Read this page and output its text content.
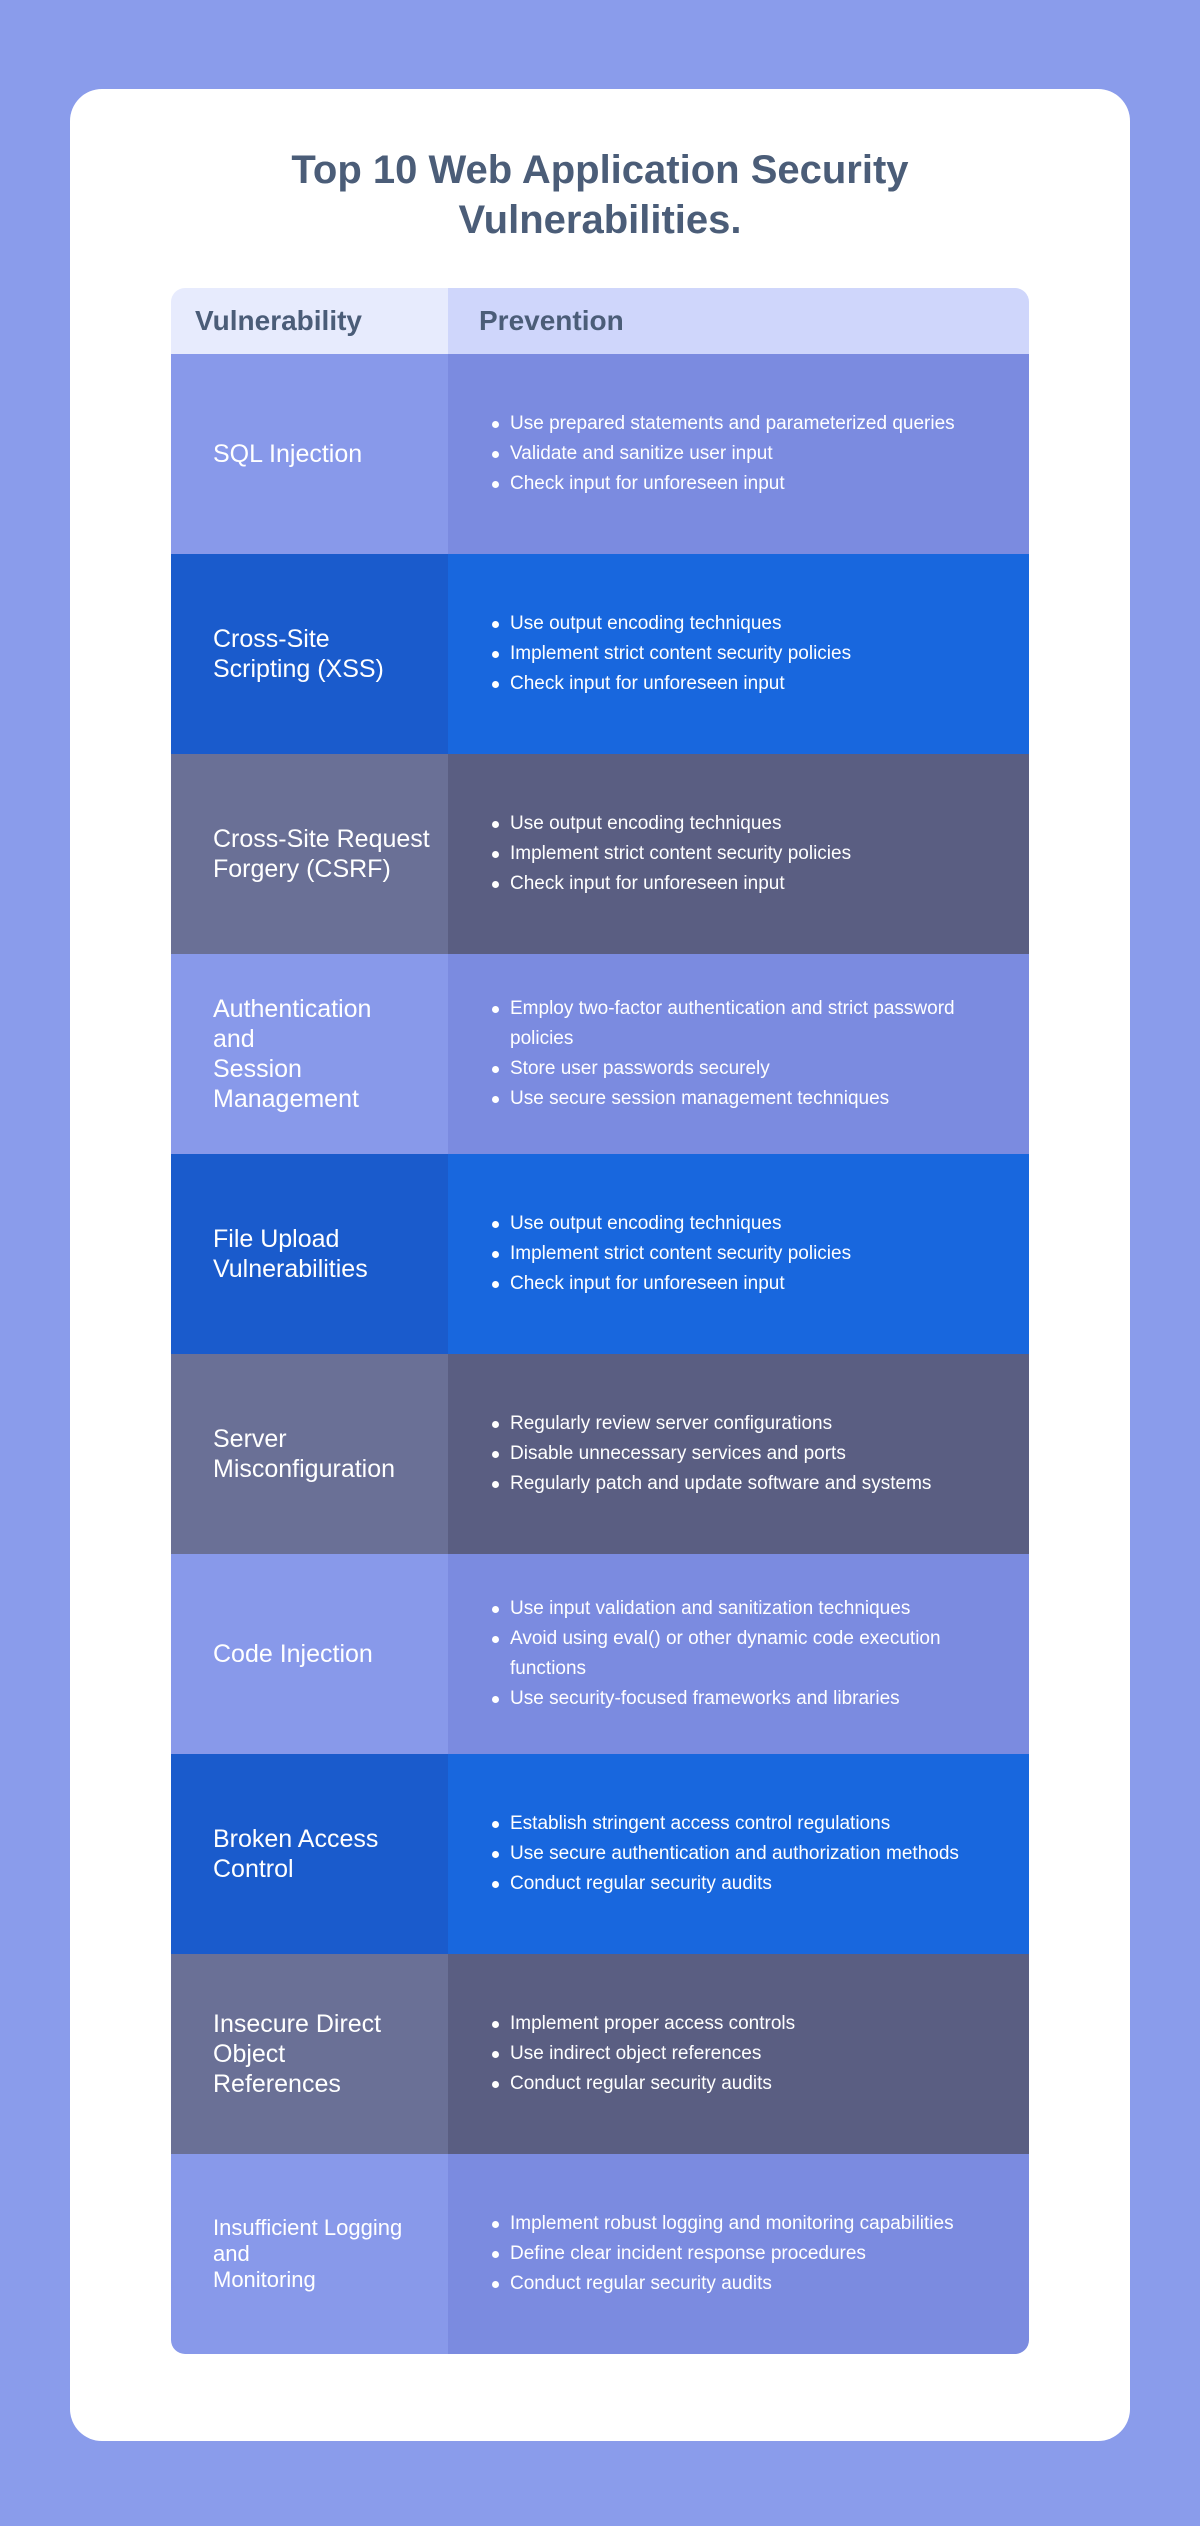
Top 10 Web Application Security
Vulnerabilities.
Vulnerability	Prevention
SQL Injection
Use prepared statements and parameterized queries
Validate and sanitize user input
Check input for unforeseen input
Cross-Site
Scripting (XSS)
Use output encoding techniques
Implement strict content security policies
Check input for unforeseen input
Cross-Site Request
Forgery (CSRF)
Use output encoding techniques
Implement strict content security policies
Check input for unforeseen input
Authentication
and
Session
Management
Employ two-factor authentication and strict password policies
Store user passwords securely
Use secure session management techniques
File Upload
Vulnerabilities
Use output encoding techniques
Implement strict content security policies
Check input for unforeseen input
Server
Misconfiguration
Regularly review server configurations
Disable unnecessary services and ports
Regularly patch and update software and systems
Code Injection
Use input validation and sanitization techniques
Avoid using eval() or other dynamic code execution functions
Use security-focused frameworks and libraries
Broken Access
Control
Establish stringent access control regulations
Use secure authentication and authorization methods
Conduct regular security audits
Insecure Direct
Object
References
Implement proper access controls
Use indirect object references
Conduct regular security audits
Insufficient Logging
and
Monitoring
Implement robust logging and monitoring capabilities
Define clear incident response procedures
Conduct regular security audits
